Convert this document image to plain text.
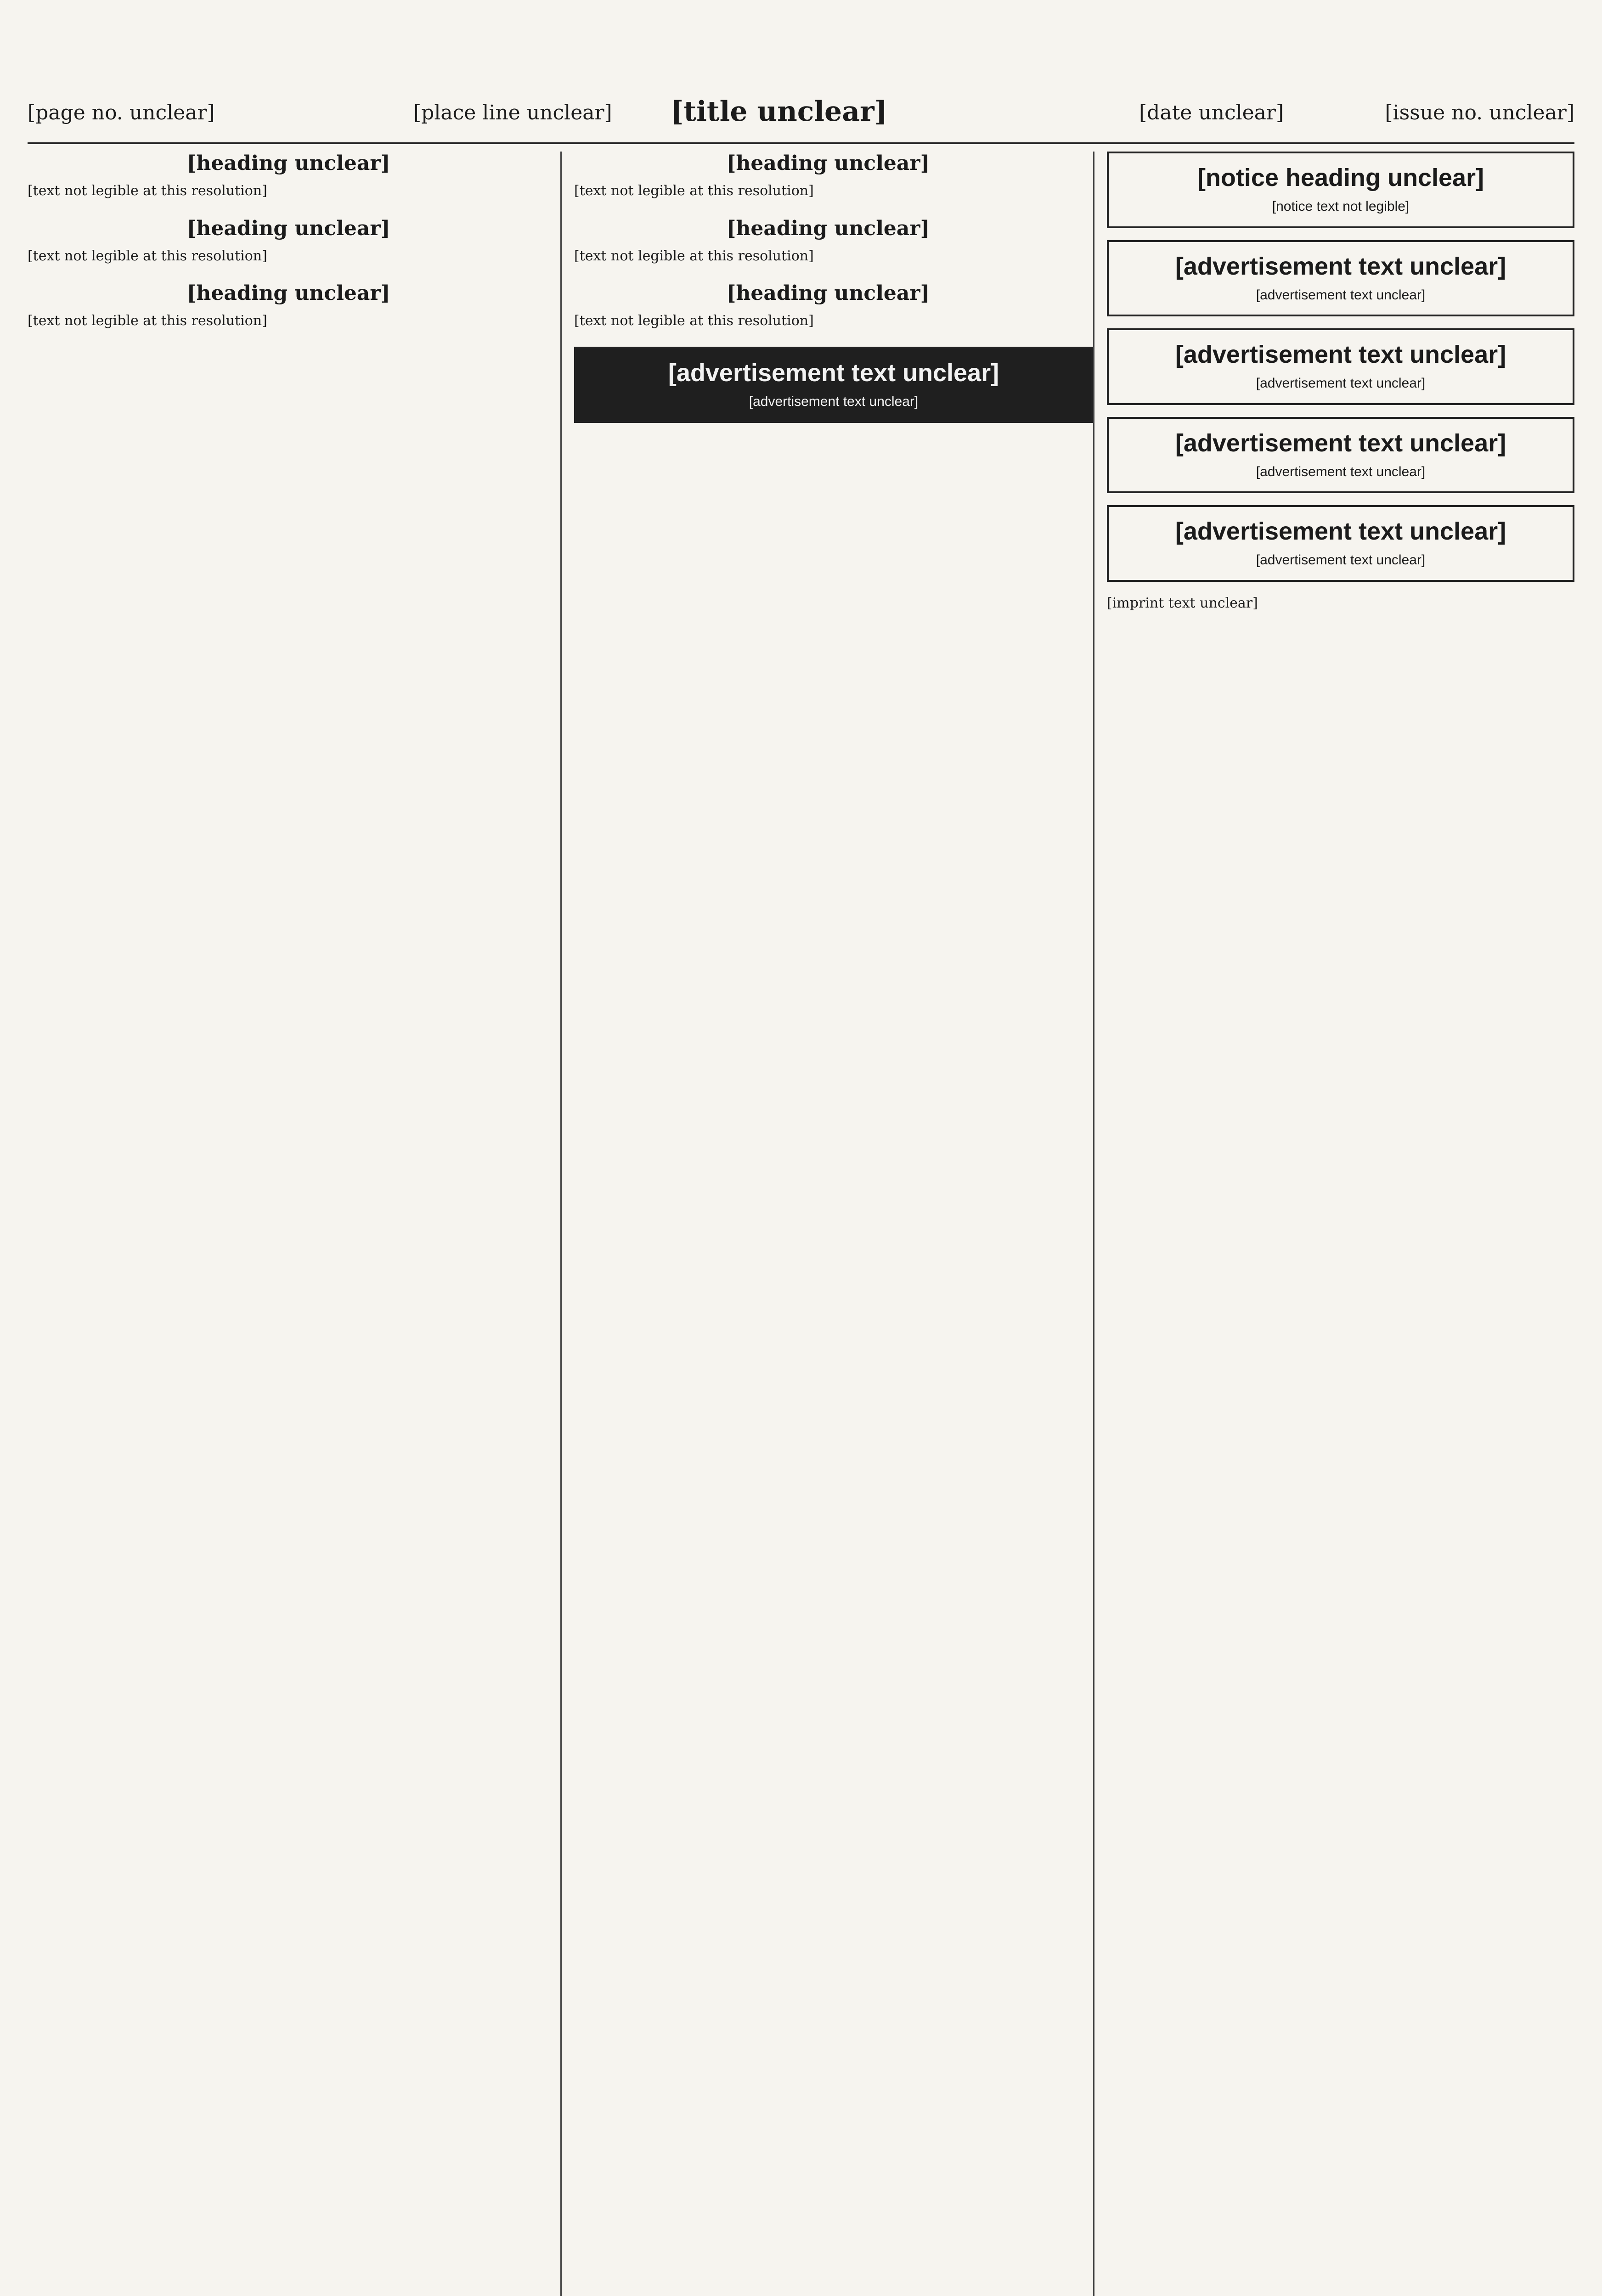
[page no. unclear]	[place line unclear] [title unclear]	[date unclear]	[issue no. unclear]
[heading unclear]

[text not legible at this resolution]

[heading unclear]

[text not legible at this resolution]

[heading unclear]

[text not legible at this resolution]

[heading unclear]

[text not legible at this resolution]

[heading unclear]

[text not legible at this resolution]

[heading unclear]

[text not legible at this resolution]

[advertisement text unclear]
[advertisement text unclear]
[notice heading unclear]
[notice text not legible]
[advertisement text unclear]
[advertisement text unclear]
[advertisement text unclear]
[advertisement text unclear]
[advertisement text unclear]
[advertisement text unclear]
[advertisement text unclear]
[advertisement text unclear]

[imprint text unclear]
